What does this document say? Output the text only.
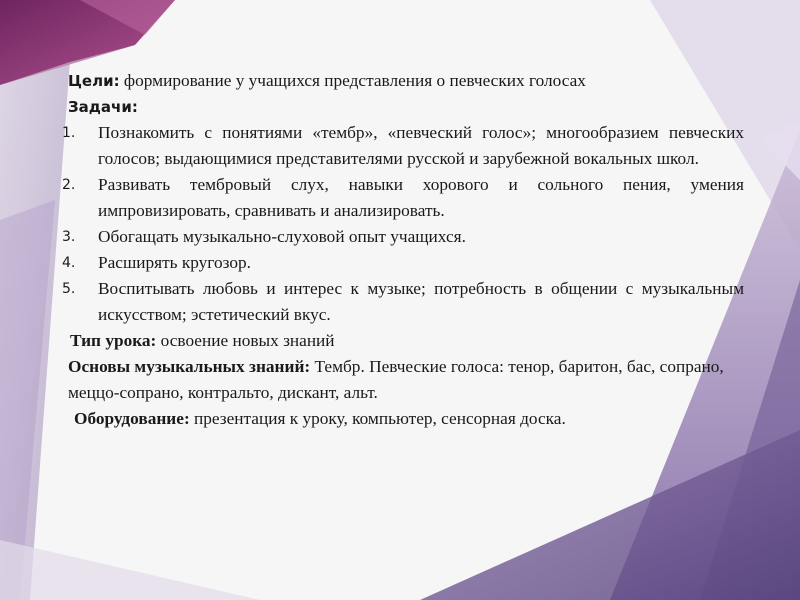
Цели: формирование у учащихся представления о певческих голосах

Задачи:
1. Познакомить с понятиями «тембр», «певческий голос»; многообразием певческих голосов; выдающимися представителями русской и зарубежной вокальных школ.
2. Развивать тембровый слух, навыки хорового и сольного пения, умения импровизировать, сравнивать и анализировать.
3. Обогащать музыкально-слуховой опыт учащихся.
4. Расширять кругозор.
5. Воспитывать любовь и интерес к музыке; потребность в общении с музыкальным искусством; эстетический вкус.

Тип урока: освоение новых знаний

Основы музыкальных знаний: Тембр. Певческие голоса: тенор, баритон, бас, сопрано, меццо-сопрано, контральто, дискант, альт.

Оборудование: презентация к уроку, компьютер, сенсорная доска.
